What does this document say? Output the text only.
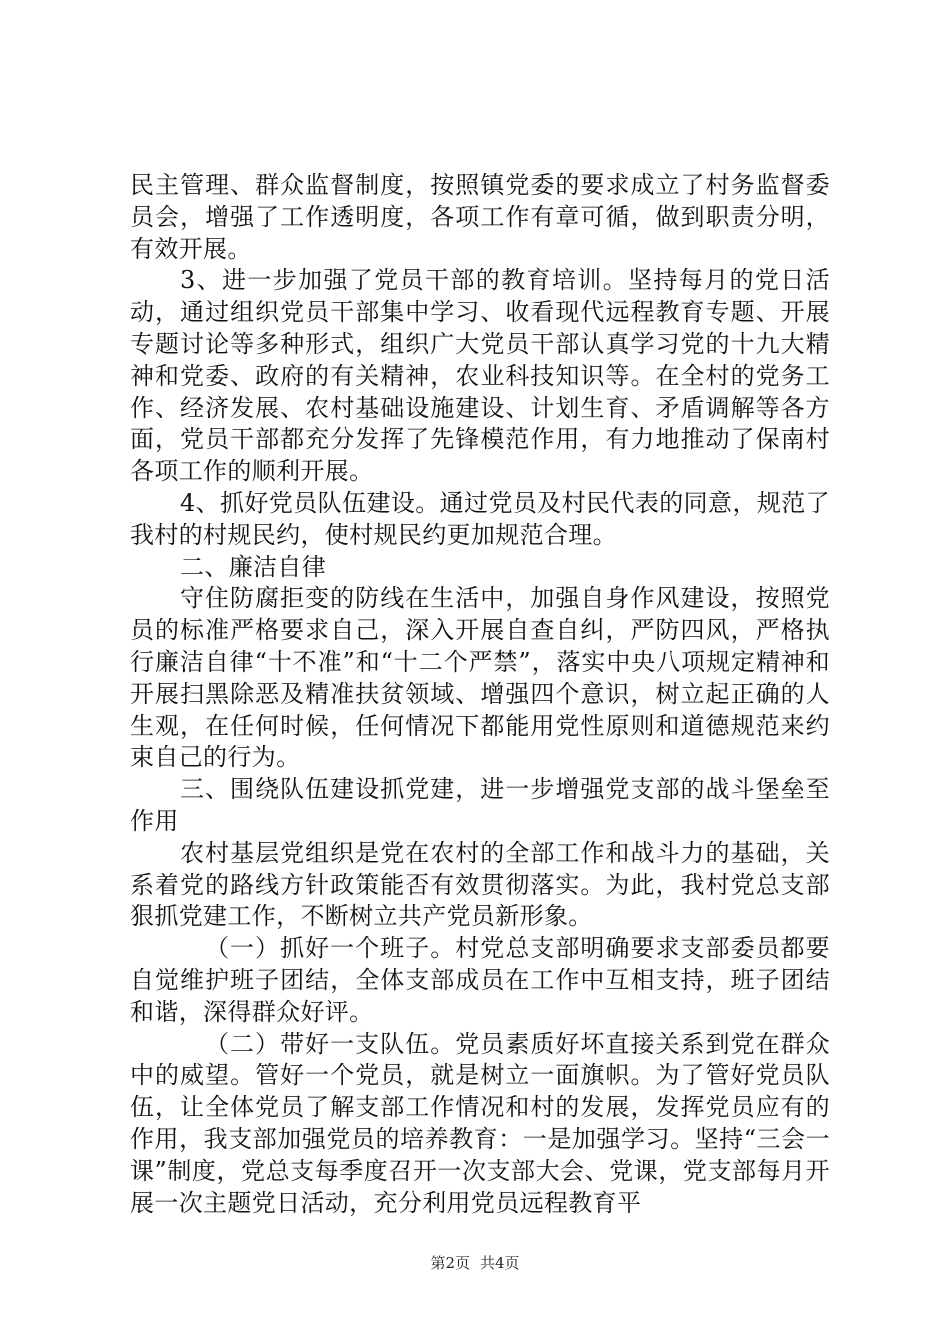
民主管理、群众监督制度，按照镇党委的要求成立了村务监督委员会，增强了工作透明度，各项工作有章可循，做到职责分明，有效开展。

3、进一步加强了党员干部的教育培训。坚持每月的党日活动，通过组织党员干部集中学习、收看现代远程教育专题、开展专题讨论等多种形式，组织广大党员干部认真学习党的十九大精神和党委、政府的有关精神，农业科技知识等。在全村的党务工作、经济发展、农村基础设施建设、计划生育、矛盾调解等各方面，党员干部都充分发挥了先锋模范作用，有力地推动了保南村各项工作的顺利开展。

4、抓好党员队伍建设。通过党员及村民代表的同意，规范了我村的村规民约，使村规民约更加规范合理。

二、廉洁自律

守住防腐拒变的防线在生活中，加强自身作风建设，按照党员的标准严格要求自己，深入开展自查自纠，严防四风，严格执行廉洁自律“十不准”和“十二个严禁”，落实中央八项规定精神和开展扫黑除恶及精准扶贫领域、增强四个意识，树立起正确的人生观，在任何时候，任何情况下都能用党性原则和道德规范来约束自己的行为。

三、围绕队伍建设抓党建，进一步增强党支部的战斗堡垒至作用

农村基层党组织是党在农村的全部工作和战斗力的基础，关系着党的路线方针政策能否有效贯彻落实。为此，我村党总支部狠抓党建工作，不断树立共产党员新形象。

（一）抓好一个班子。村党总支部明确要求支部委员都要自觉维护班子团结，全体支部成员在工作中互相支持，班子团结和谐，深得群众好评。

（二）带好一支队伍。党员素质好坏直接关系到党在群众中的威望。管好一个党员，就是树立一面旗帜。为了管好党员队伍，让全体党员了解支部工作情况和村的发展，发挥党员应有的作用，我支部加强党员的培养教育：一是加强学习。坚持“三会一课”制度，党总支每季度召开一次支部大会、党课，党支部每月开展一次主题党日活动，充分利用党员远程教育平

第2页 共4页
